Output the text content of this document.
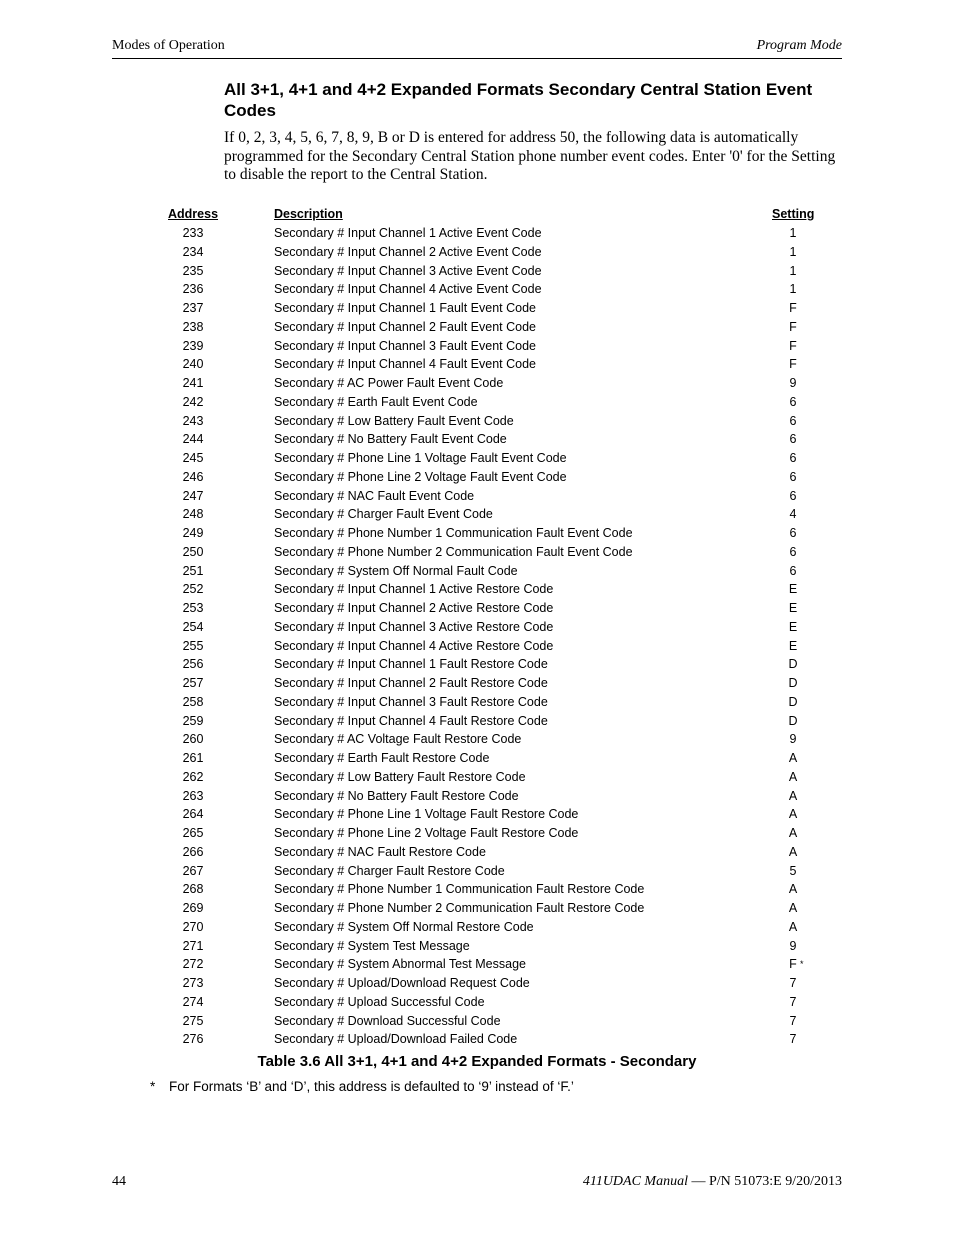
Modes of Operation	Program Mode
All 3+1, 4+1 and 4+2 Expanded Formats Secondary Central Station Event Codes
If 0, 2, 3, 4, 5, 6, 7, 8, 9, B or D is entered for address 50, the following data is automatically programmed for the Secondary Central Station phone number event codes. Enter '0' for the Setting to disable the report to the Central Station.
Address	Description	Setting
233	Secondary # Input Channel 1 Active Event Code	1
234	Secondary # Input Channel 2 Active Event Code	1
235	Secondary # Input Channel 3 Active Event Code	1
236	Secondary # Input Channel 4 Active Event Code	1
237	Secondary # Input Channel 1 Fault Event Code	F
238	Secondary # Input Channel 2 Fault Event Code	F
239	Secondary # Input Channel 3 Fault Event Code	F
240	Secondary # Input Channel 4 Fault Event Code	F
241	Secondary # AC Power Fault Event Code	9
242	Secondary # Earth Fault Event Code	6
243	Secondary # Low Battery Fault Event Code	6
244	Secondary # No Battery Fault Event Code	6
245	Secondary # Phone Line 1 Voltage Fault Event Code	6
246	Secondary # Phone Line 2 Voltage Fault Event Code	6
247	Secondary # NAC Fault Event Code	6
248	Secondary # Charger Fault Event Code	4
249	Secondary # Phone Number 1 Communication Fault Event Code	6
250	Secondary # Phone Number 2 Communication Fault Event Code	6
251	Secondary # System Off Normal Fault Code	6
252	Secondary # Input Channel 1 Active Restore Code	E
253	Secondary # Input Channel 2 Active Restore Code	E
254	Secondary # Input Channel 3 Active Restore Code	E
255	Secondary # Input Channel 4 Active Restore Code	E
256	Secondary # Input Channel 1 Fault Restore Code	D
257	Secondary # Input Channel 2 Fault Restore Code	D
258	Secondary # Input Channel 3 Fault Restore Code	D
259	Secondary # Input Channel 4 Fault Restore Code	D
260	Secondary # AC Voltage Fault Restore Code	9
261	Secondary # Earth Fault Restore Code	A
262	Secondary # Low Battery Fault Restore Code	A
263	Secondary # No Battery Fault Restore Code	A
264	Secondary # Phone Line 1 Voltage Fault Restore Code	A
265	Secondary # Phone Line 2 Voltage Fault Restore Code	A
266	Secondary # NAC Fault Restore Code	A
267	Secondary # Charger Fault Restore Code	5
268	Secondary # Phone Number 1 Communication Fault Restore Code	A
269	Secondary # Phone Number 2 Communication Fault Restore Code	A
270	Secondary # System Off Normal Restore Code	A
271	Secondary # System Test Message	9
272	Secondary # System Abnormal Test Message	F *
273	Secondary # Upload/Download Request Code	7
274	Secondary # Upload Successful Code	7
275	Secondary # Download Successful Code	7
276	Secondary # Upload/Download Failed Code	7
Table 3.6 All 3+1, 4+1 and 4+2 Expanded Formats - Secondary
* For Formats ‘B’ and ‘D’, this address is defaulted to ‘9’ instead of ‘F.’
44	411UDAC Manual — P/N 51073:E 9/20/2013
